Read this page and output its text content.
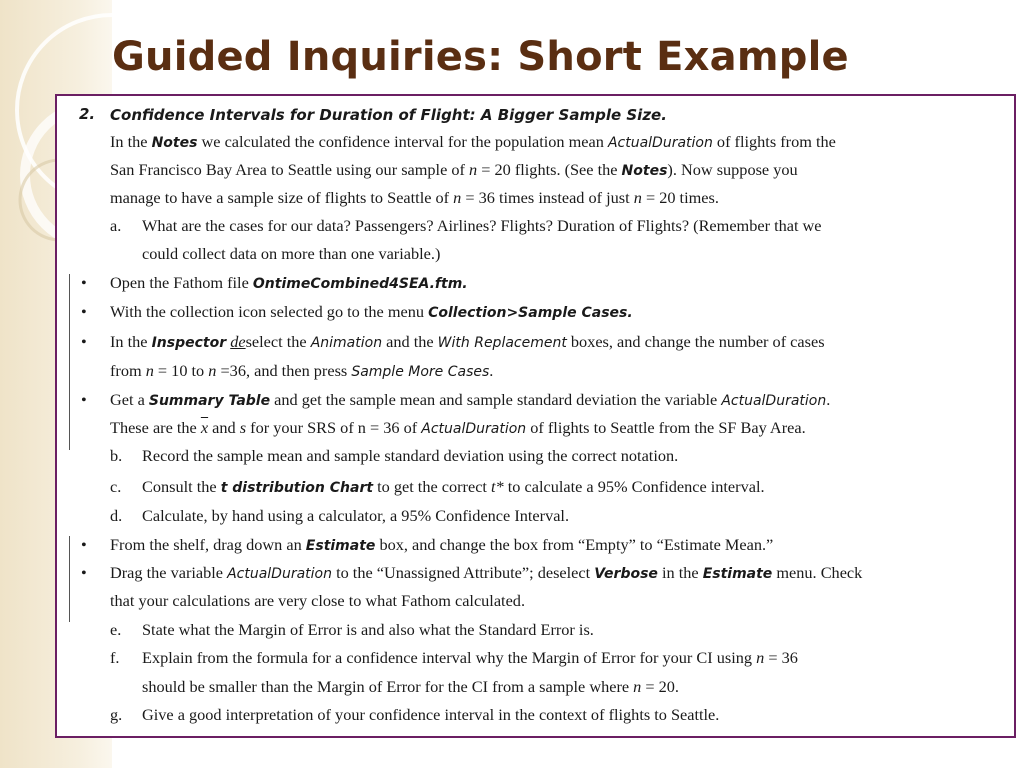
Guided Inquiries: Short Example
2. Confidence Intervals for Duration of Flight: A Bigger Sample Size.
In the Notes we calculated the confidence interval for the population mean ActualDuration of flights from the
San Francisco Bay Area to Seattle using our sample of n = 20 flights. (See the Notes). Now suppose you
manage to have a sample size of flights to Seattle of n = 36 times instead of just n = 20 times.
a. What are the cases for our data? Passengers? Airlines? Flights? Duration of Flights? (Remember that we
could collect data on more than one variable.)
• Open the Fathom file OntimeCombined4SEA.ftm.
• With the collection icon selected go to the menu Collection>Sample Cases.
• In the Inspector deselect the Animation and the With Replacement boxes, and change the number of cases
from n = 10 to n =36, and then press Sample More Cases.
• Get a Summary Table and get the sample mean and sample standard deviation the variable ActualDuration.
These are the $\overline{x}$ and s for your SRS of n = 36 of ActualDuration of flights to Seattle from the SF Bay Area.
b. Record the sample mean and sample standard deviation using the correct notation.
c. Consult the t distribution Chart to get the correct t* to calculate a 95% Confidence interval.
d. Calculate, by hand using a calculator, a 95% Confidence Interval.
• From the shelf, drag down an Estimate box, and change the box from “Empty” to “Estimate Mean.”
• Drag the variable ActualDuration to the “Unassigned Attribute”; deselect Verbose in the Estimate menu. Check
that your calculations are very close to what Fathom calculated.
e. State what the Margin of Error is and also what the Standard Error is.
f. Explain from the formula for a confidence interval why the Margin of Error for your CI using n = 36
should be smaller than the Margin of Error for the CI from a sample where n = 20.
g. Give a good interpretation of your confidence interval in the context of flights to Seattle.
